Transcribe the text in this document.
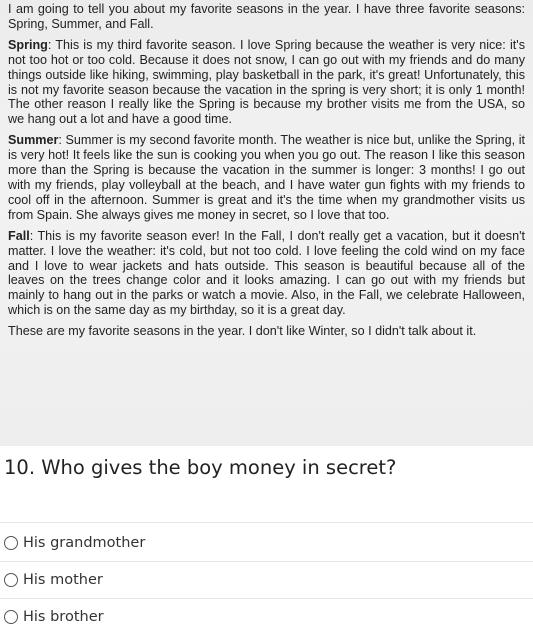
I am going to tell you about my favorite seasons in the year. I have three favorite seasons: Spring, Summer, and Fall.

Spring: This is my third favorite season. I love Spring because the weather is very nice: it's not too hot or too cold. Because it does not snow, I can go out with my friends and do many things outside like hiking, swimming, play basketball in the park, it's great! Unfortunately, this is not my favorite season because the vacation in the spring is very short; it is only 1 month! The other reason I really like the Spring is because my brother visits me from the USA, so we hang out a lot and have a good time.

Summer: Summer is my second favorite month. The weather is nice but, unlike the Spring, it is very hot! It feels like the sun is cooking you when you go out. The reason I like this season more than the Spring is because the vacation in the summer is longer: 3 months! I go out with my friends, play volleyball at the beach, and I have water gun fights with my friends to cool off in the afternoon. Summer is great and it's the time when my grandmother visits us from Spain. She always gives me money in secret, so I love that too.

Fall: This is my favorite season ever! In the Fall, I don't really get a vacation, but it doesn't matter. I love the weather: it's cold, but not too cold. I love feeling the cold wind on my face and I love to wear jackets and hats outside. This season is beautiful because all of the leaves on the trees change color and it looks amazing. I can go out with my friends but mainly to hang out in the parks or watch a movie. Also, in the Fall, we celebrate Halloween, which is on the same day as my birthday, so it is a great day.

These are my favorite seasons in the year. I don't like Winter, so I didn't talk about it.

10. Who gives the boy money in secret?
His grandmother
His mother
His brother
